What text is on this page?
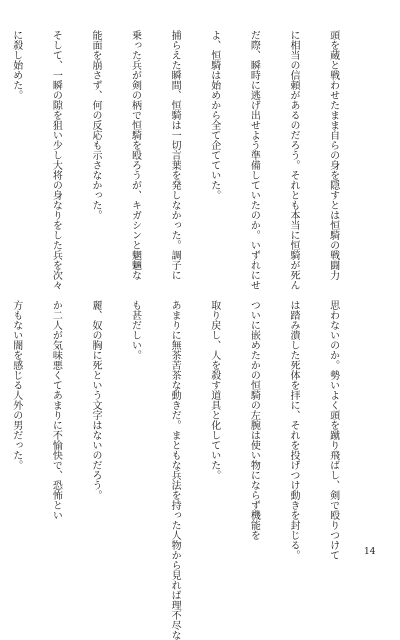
頭を蔵と戦わせたまま自らの身を隠すとは恒騎の戦闘力

に相当の信頼があるのだろう。それとも本当に恒騎が死ん

だ際、瞬時に逃げ出せよう準備していたのか。いずれにせ

よ、恒騎は始めから全て企てていた。

捕らえた瞬間、恒騎は一切言葉を発しなかった。調子に

乗った兵が剣の柄で恒騎を殴ろうが、キガシンと魍魎な

能面を崩さず、何の反応も示さなかった。

そして、一瞬の隙を狙い少し大将の身なりをした兵を次々

に殺し始めた。

思わないのか。勢いよく頭を蹴り飛ばし、剣で殴りつけて

は踏み潰した死体を拝に、それを投げつけ動きを封じる。

ついに嵌めたかの恒騎の左腕は使い物にならず機能を

取り戻し、人を殺す道具と化していた。

あまりに無茶苦茶な動きだ。まともな兵法を持った人物から見れば理不尽な

も甚だしい。

麗、奴の胸に死という文字はないのだろう。

か二人が気味悪くてあまりに不愉快で、恐怖とい

方もない闇を感じる人外の男だった。

14
